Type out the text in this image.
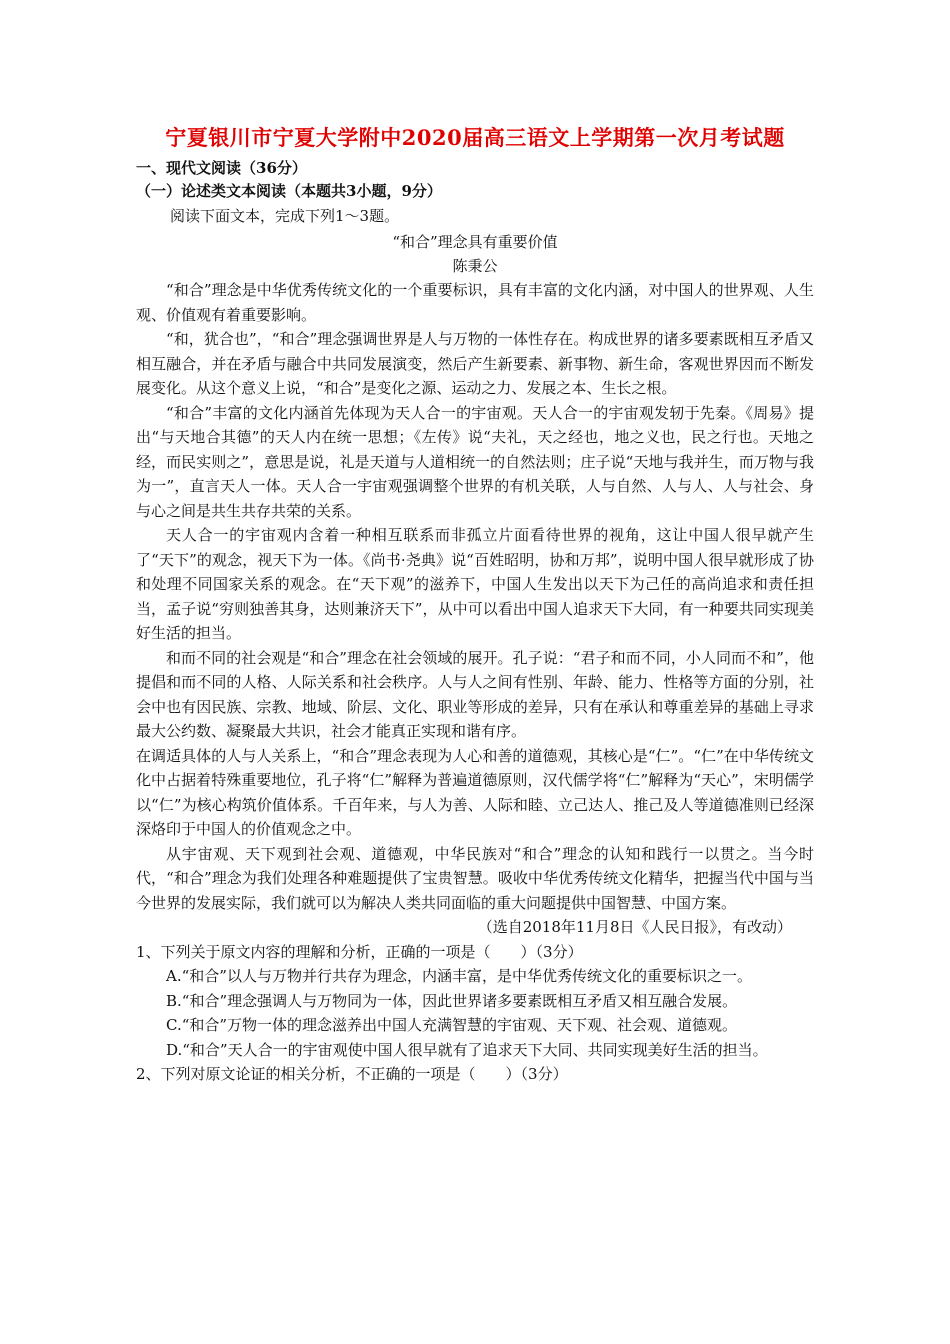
宁夏银川市宁夏大学附中2020届高三语文上学期第一次月考试题
一、现代文阅读（36分）
（一）论述类文本阅读（本题共3小题，9分）
阅读下面文本，完成下列1～3题。
“和合”理念具有重要价值
陈秉公

“和合”理念是中华优秀传统文化的一个重要标识，具有丰富的文化内涵，对中国人的世界观、人生观、价值观有着重要影响。

“和，犹合也”，“和合”理念强调世界是人与万物的一体性存在。构成世界的诸多要素既相互矛盾又相互融合，并在矛盾与融合中共同发展演变，然后产生新要素、新事物、新生命，客观世界因而不断发展变化。从这个意义上说，“和合”是变化之源、运动之力、发展之本、生长之根。

“和合”丰富的文化内涵首先体现为天人合一的宇宙观。天人合一的宇宙观发轫于先秦。《周易》提出“与天地合其德”的天人内在统一思想；《左传》说“夫礼，天之经也，地之义也，民之行也。天地之经，而民实则之”，意思是说，礼是天道与人道相统一的自然法则；庄子说“天地与我并生，而万物与我为一”，直言天人一体。天人合一宇宙观强调整个世界的有机关联，人与自然、人与人、人与社会、身与心之间是共生共存共荣的关系。

天人合一的宇宙观内含着一种相互联系而非孤立片面看待世界的视角，这让中国人很早就产生了“天下”的观念，视天下为一体。《尚书·尧典》说“百姓昭明，协和万邦”，说明中国人很早就形成了协和处理不同国家关系的观念。在“天下观”的滋养下，中国人生发出以天下为己任的高尚追求和责任担当，孟子说“穷则独善其身，达则兼济天下”，从中可以看出中国人追求天下大同，有一种要共同实现美好生活的担当。

和而不同的社会观是“和合”理念在社会领域的展开。孔子说：“君子和而不同，小人同而不和”，他提倡和而不同的人格、人际关系和社会秩序。人与人之间有性别、年龄、能力、性格等方面的分别，社会中也有因民族、宗教、地域、阶层、文化、职业等形成的差异，只有在承认和尊重差异的基础上寻求最大公约数、凝聚最大共识，社会才能真正实现和谐有序。

在调适具体的人与人关系上，“和合”理念表现为人心和善的道德观，其核心是“仁”。“仁”在中华传统文化中占据着特殊重要地位，孔子将“仁”解释为普遍道德原则，汉代儒学将“仁”解释为“天心”，宋明儒学以“仁”为核心构筑价值体系。千百年来，与人为善、人际和睦、立己达人、推己及人等道德准则已经深深烙印于中国人的价值观念之中。

从宇宙观、天下观到社会观、道德观，中华民族对“和合”理念的认知和践行一以贯之。当今时代，“和合”理念为我们处理各种难题提供了宝贵智慧。吸收中华优秀传统文化精华，把握当代中国与当今世界的发展实际，我们就可以为解决人类共同面临的重大问题提供中国智慧、中国方案。

（选自2018年11月8日《人民日报》，有改动）

1、下列关于原文内容的理解和分析，正确的一项是（　　）（3分）

A.“和合”以人与万物并行共存为理念，内涵丰富，是中华优秀传统文化的重要标识之一。

B.“和合”理念强调人与万物同为一体，因此世界诸多要素既相互矛盾又相互融合发展。

C.“和合”万物一体的理念滋养出中国人充满智慧的宇宙观、天下观、社会观、道德观。

D.“和合”天人合一的宇宙观使中国人很早就有了追求天下大同、共同实现美好生活的担当。

2、下列对原文论证的相关分析，不正确的一项是（　　）（3分）
